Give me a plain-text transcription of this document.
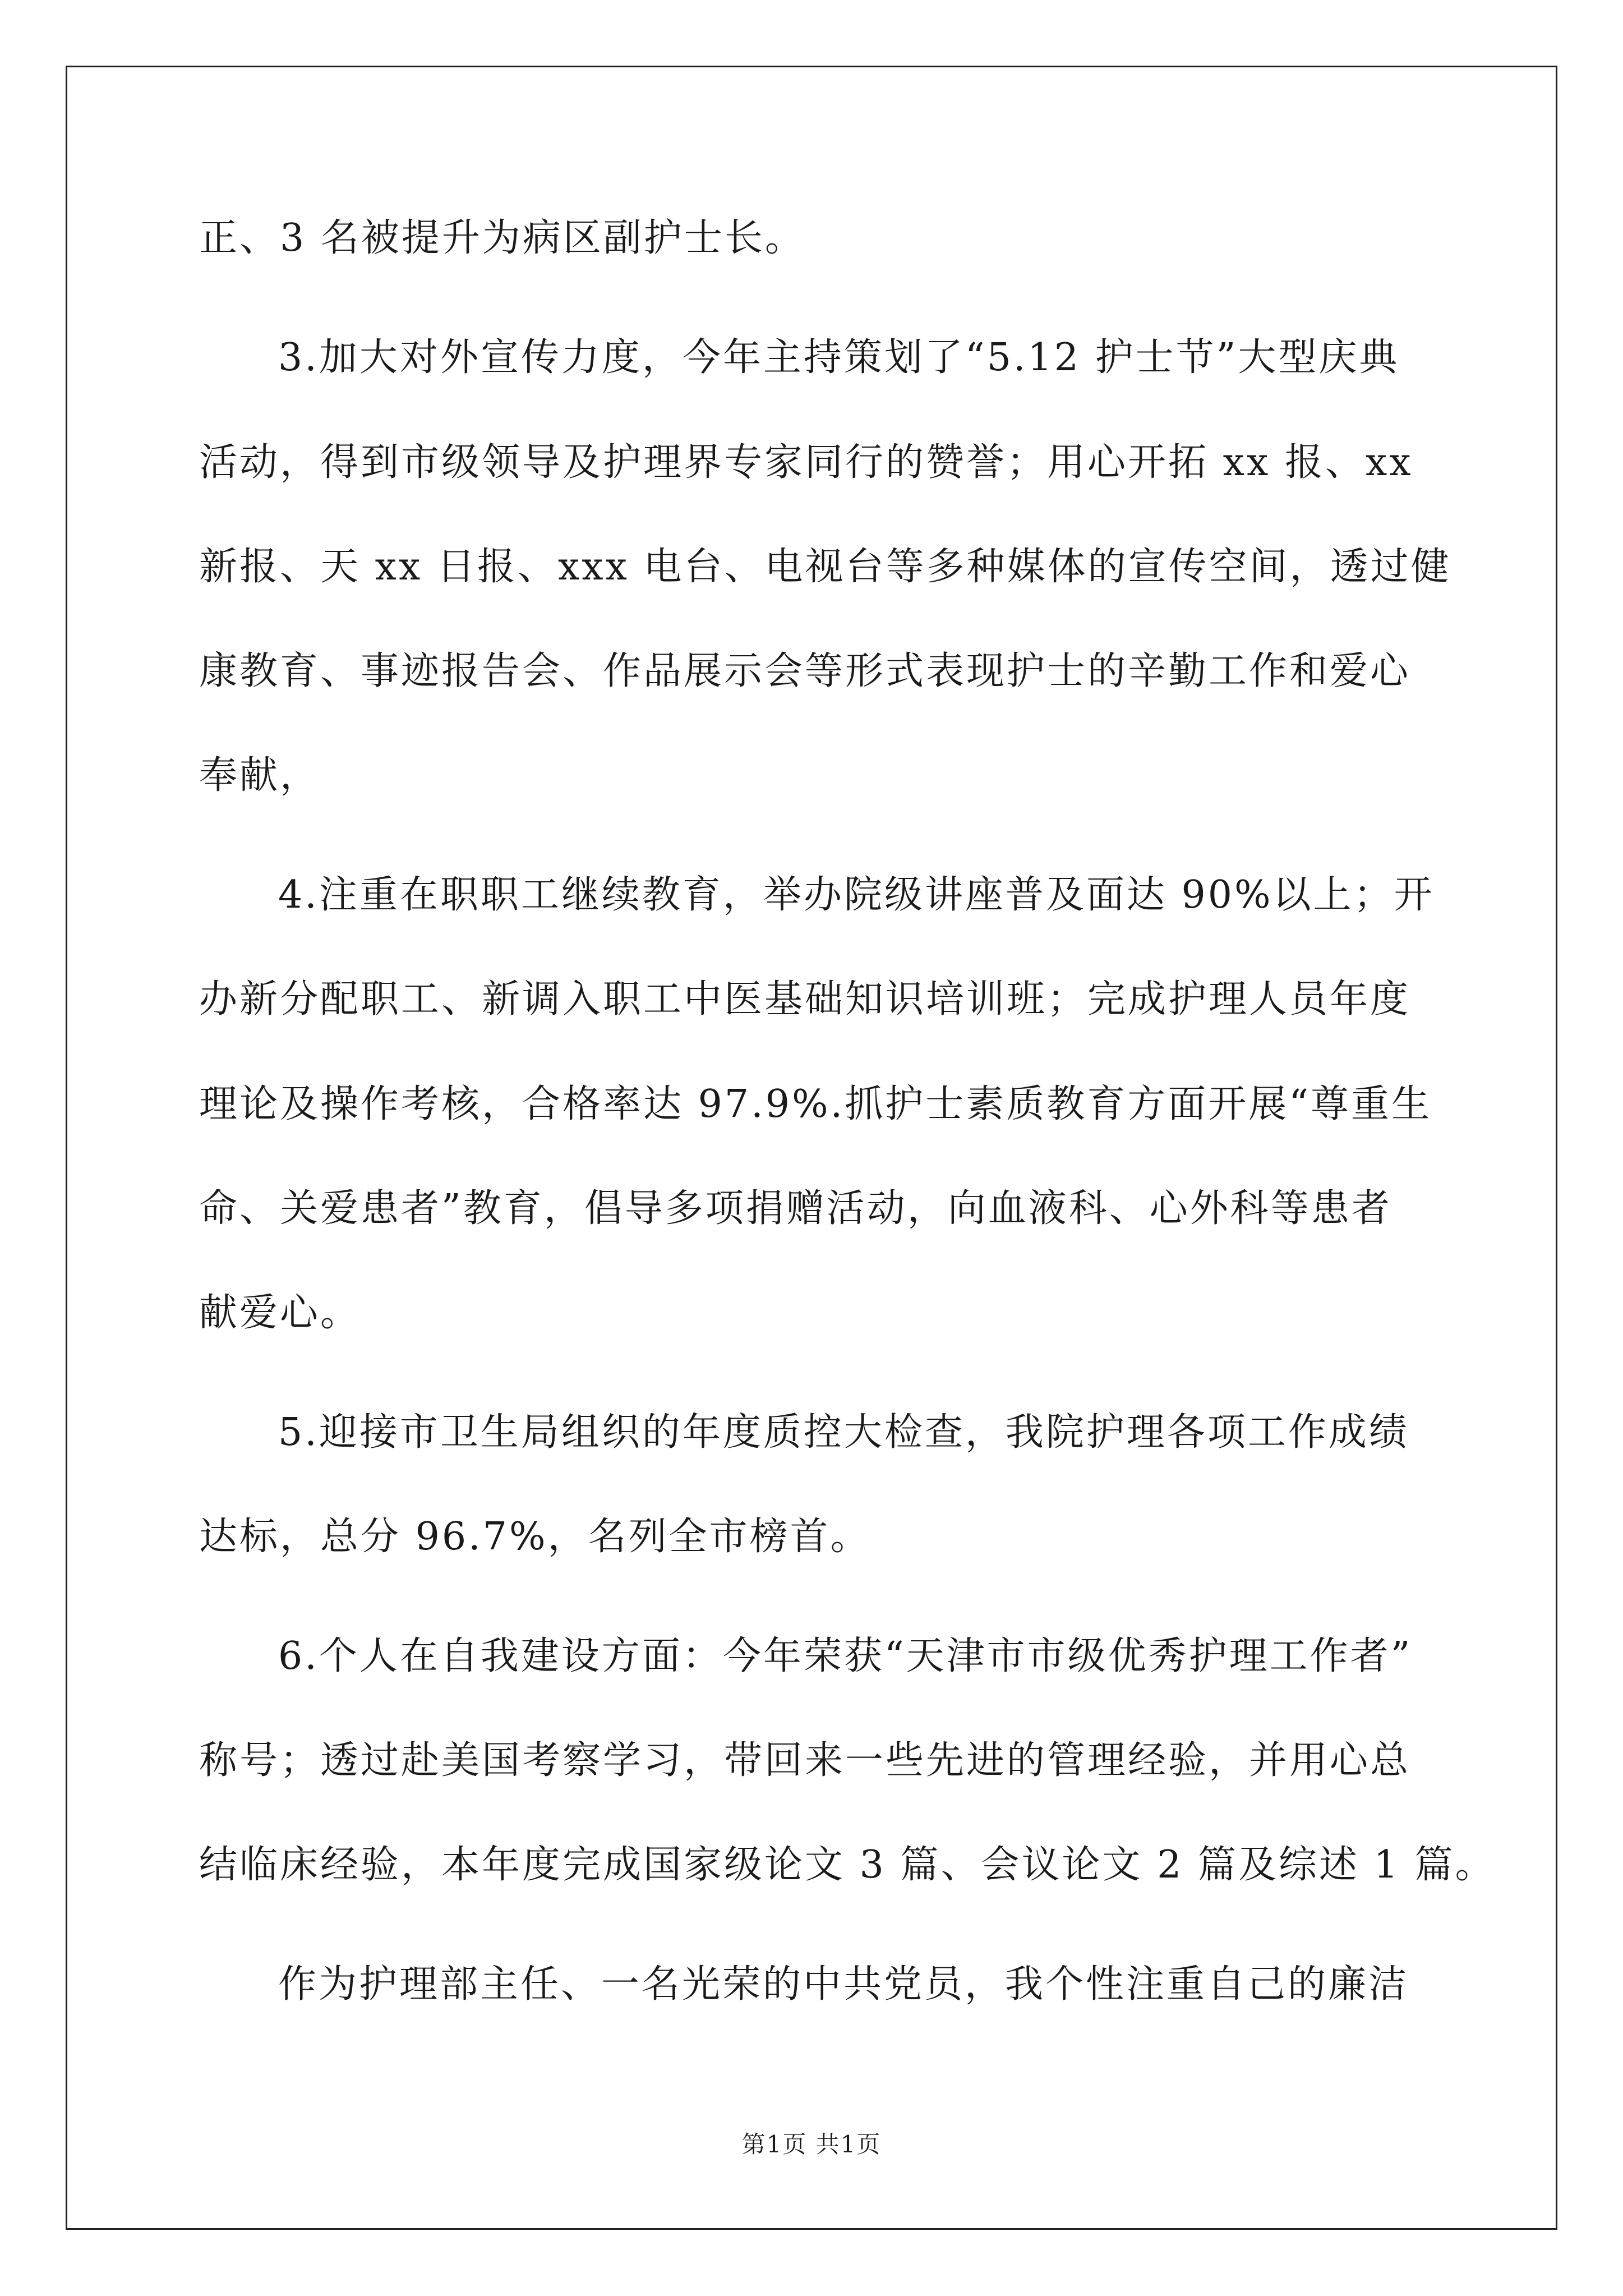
正、3 名被提升为病区副护士长。
3.加大对外宣传力度，今年主持策划了“5.12 护士节”大型庆典
活动，得到市级领导及护理界专家同行的赞誉；用心开拓 xx 报、xx
新报、天 xx 日报、xxx 电台、电视台等多种媒体的宣传空间，透过健
康教育、事迹报告会、作品展示会等形式表现护士的辛勤工作和爱心
奉献，
4.注重在职职工继续教育，举办院级讲座普及面达 90%以上；开
办新分配职工、新调入职工中医基础知识培训班；完成护理人员年度
理论及操作考核，合格率达 97.9%.抓护士素质教育方面开展“尊重生
命、关爱患者”教育，倡导多项捐赠活动，向血液科、心外科等患者
献爱心。
5.迎接市卫生局组织的年度质控大检查，我院护理各项工作成绩
达标，总分 96.7%，名列全市榜首。
6.个人在自我建设方面：今年荣获“天津市市级优秀护理工作者”
称号；透过赴美国考察学习，带回来一些先进的管理经验，并用心总
结临床经验，本年度完成国家级论文 3 篇、会议论文 2 篇及综述 1 篇。
作为护理部主任、一名光荣的中共党员，我个性注重自己的廉洁
第1页 共1页
